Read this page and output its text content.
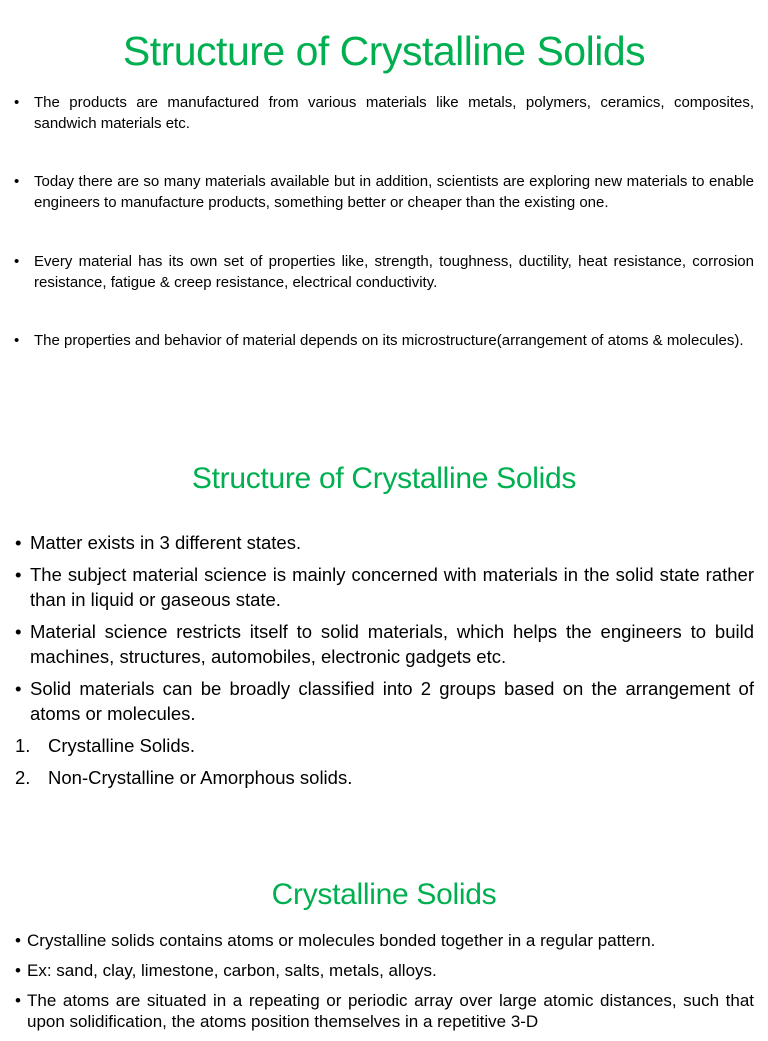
Structure of Crystalline Solids
• The products are manufactured from various materials like metals, polymers, ceramics, composites, sandwich materials etc.
• Today there are so many materials available but in addition, scientists are exploring new materials to enable engineers to manufacture products, something better or cheaper than the existing one.
• Every material has its own set of properties like, strength, toughness, ductility, heat resistance, corrosion resistance, fatigue & creep resistance, electrical conductivity.
• The properties and behavior of material depends on its microstructure(arrangement of atoms & molecules).
Structure of Crystalline Solids
• Matter exists in 3 different states.
• The subject material science is mainly concerned with materials in the solid state rather than in liquid or gaseous state.
• Material science restricts itself to solid materials, which helps the engineers to build machines, structures, automobiles, electronic gadgets etc.
• Solid materials can be broadly classified into 2 groups based on the arrangement of atoms or molecules.
1. Crystalline Solids.
2. Non-Crystalline or Amorphous solids.
Crystalline Solids
• Crystalline solids contains atoms or molecules bonded together in a regular pattern.
• Ex: sand, clay, limestone, carbon, salts, metals, alloys.
• The atoms are situated in a repeating or periodic array over large atomic distances, such that upon solidification, the atoms position themselves in a repetitive 3-D
